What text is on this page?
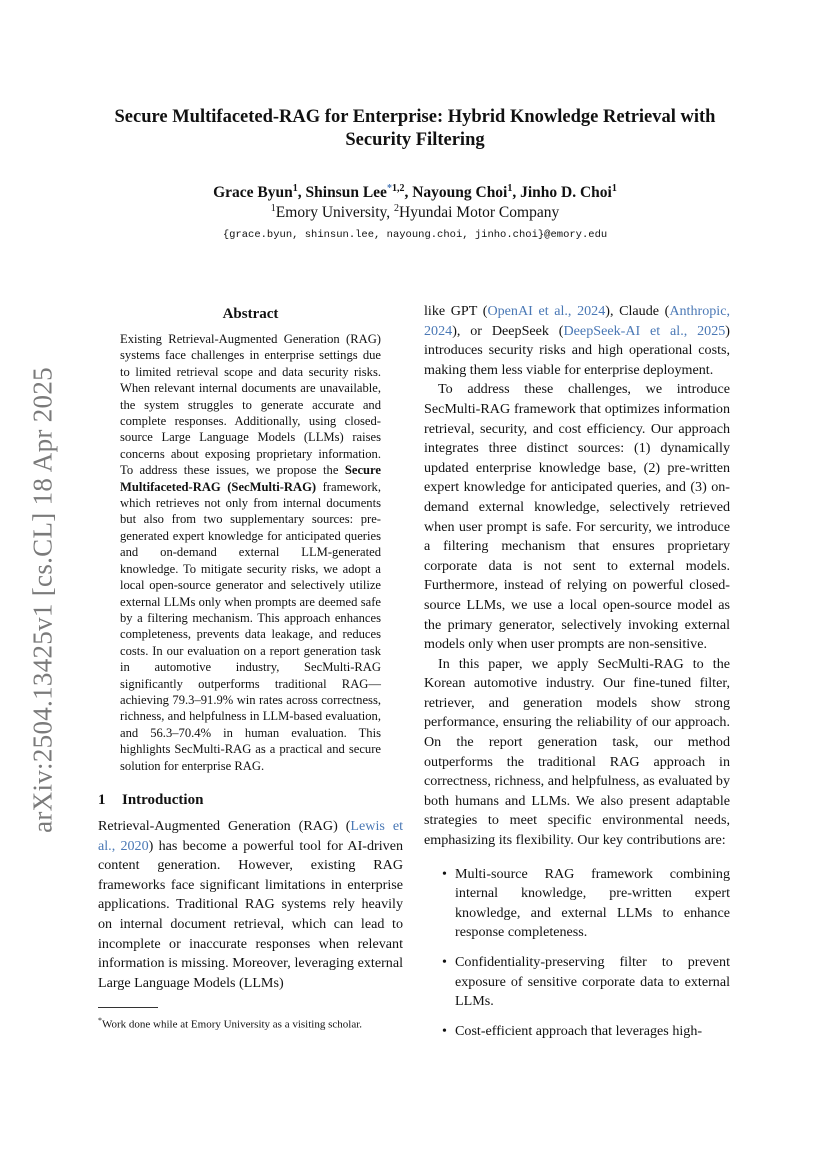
arXiv:2504.13425v1 [cs.CL] 18 Apr 2025
Secure Multifaceted-RAG for Enterprise: Hybrid Knowledge Retrieval with Security Filtering
Grace Byun$^1$, Shinsun Lee$^{*1,2}$, Nayoung Choi$^1$, Jinho D. Choi$^1$
$^1$Emory University, $^2$Hyundai Motor Company
{grace.byun, shinsun.lee, nayoung.choi, jinho.choi}@emory.edu
Abstract
Existing Retrieval-Augmented Generation (RAG) systems face challenges in enterprise settings due to limited retrieval scope and data security risks. When relevant internal documents are unavailable, the system struggles to generate accurate and complete responses. Additionally, using closed-source Large Language Models (LLMs) raises concerns about exposing proprietary information. To address these issues, we propose the Secure Multifaceted-RAG (SecMulti-RAG) framework, which retrieves not only from internal documents but also from two supplementary sources: pre-generated expert knowledge for anticipated queries and on-demand external LLM-generated knowledge. To mitigate security risks, we adopt a local open-source generator and selectively utilize external LLMs only when prompts are deemed safe by a filtering mechanism. This approach enhances completeness, prevents data leakage, and reduces costs. In our evaluation on a report generation task in automotive industry, SecMulti-RAG significantly outperforms traditional RAG—achieving 79.3–91.9% win rates across correctness, richness, and helpfulness in LLM-based evaluation, and 56.3–70.4% in human evaluation. This highlights SecMulti-RAG as a practical and secure solution for enterprise RAG.
1 Introduction

Retrieval-Augmented Generation (RAG) (Lewis et al., 2020) has become a powerful tool for AI-driven content generation. However, existing RAG frameworks face significant limitations in enterprise applications. Traditional RAG systems rely heavily on internal document retrieval, which can lead to incomplete or inaccurate responses when relevant information is missing. Moreover, leveraging external Large Language Models (LLMs)

*Work done while at Emory University as a visiting scholar.

like GPT (OpenAI et al., 2024), Claude (Anthropic, 2024), or DeepSeek (DeepSeek-AI et al., 2025) introduces security risks and high operational costs, making them less viable for enterprise deployment.

To address these challenges, we introduce SecMulti-RAG framework that optimizes information retrieval, security, and cost efficiency. Our approach integrates three distinct sources: (1) dynamically updated enterprise knowledge base, (2) pre-written expert knowledge for anticipated queries, and (3) on-demand external knowledge, selectively retrieved when user prompt is safe. For sercurity, we introduce a filtering mechanism that ensures proprietary corporate data is not sent to external models. Furthermore, instead of relying on powerful closed-source LLMs, we use a local open-source model as the primary generator, selectively invoking external models only when user prompts are non-sensitive.

In this paper, we apply SecMulti-RAG to the Korean automotive industry. Our fine-tuned filter, retriever, and generation models show strong performance, ensuring the reliability of our approach. On the report generation task, our method outperforms the traditional RAG approach in correctness, richness, and helpfulness, as evaluated by both humans and LLMs. We also present adaptable strategies to meet specific environmental needs, emphasizing its flexibility. Our key contributions are:

• Multi-source RAG framework combining internal knowledge, pre-written expert knowledge, and external LLMs to enhance response completeness.
• Confidentiality-preserving filter to prevent exposure of sensitive corporate data to external LLMs.
• Cost-efficient approach that leverages high-
